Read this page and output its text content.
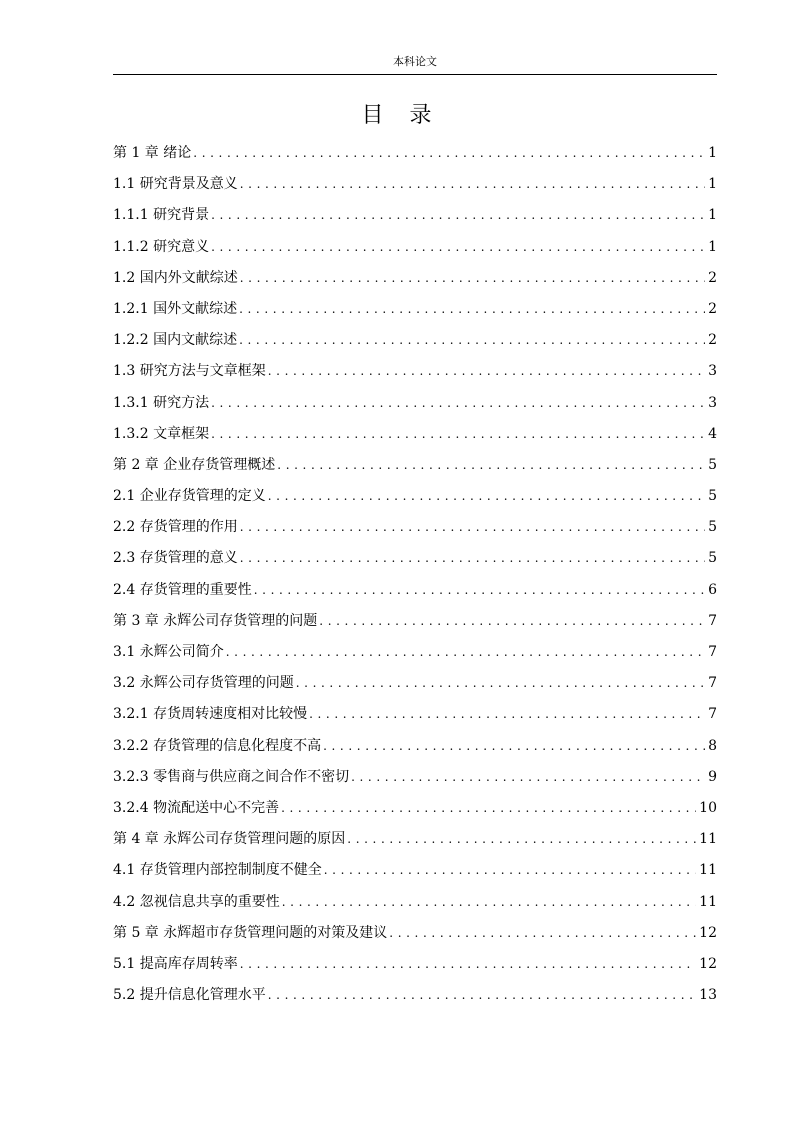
本科论文
目 录
第 1 章 绪论 . . .	1
1.1 研究背景及意义 . . .	1
1.1.1 研究背景 . . .	1
1.1.2 研究意义 . . .	1
1.2 国内外文献综述 . . .	2
1.2.1 国外文献综述 . . .	2
1.2.2 国内文献综述 . . .	2
1.3 研究方法与文章框架 . . .	3
1.3.1 研究方法 . . .	3
1.3.2 文章框架 . . .	4
第 2 章 企业存货管理概述 . . .	5
2.1 企业存货管理的定义 . . .	5
2.2 存货管理的作用 . . .	5
2.3 存货管理的意义 . . .	5
2.4 存货管理的重要性 . . .	6
第 3 章 永辉公司存货管理的问题 . . .	7
3.1 永辉公司简介 . . .	7
3.2 永辉公司存货管理的问题 . . .	7
3.2.1 存货周转速度相对比较慢 . . .	7
3.2.2 存货管理的信息化程度不高 . . .	8
3.2.3 零售商与供应商之间合作不密切 . . .	9
3.2.4 物流配送中心不完善 . . .	10
第 4 章 永辉公司存货管理问题的原因 . . .	11
4.1 存货管理内部控制制度不健全 . . .	11
4.2 忽视信息共享的重要性 . . .	11
第 5 章 永辉超市存货管理问题的对策及建议 . . .	12
5.1 提高库存周转率 . . .	12
5.2 提升信息化管理水平 . . .	13
